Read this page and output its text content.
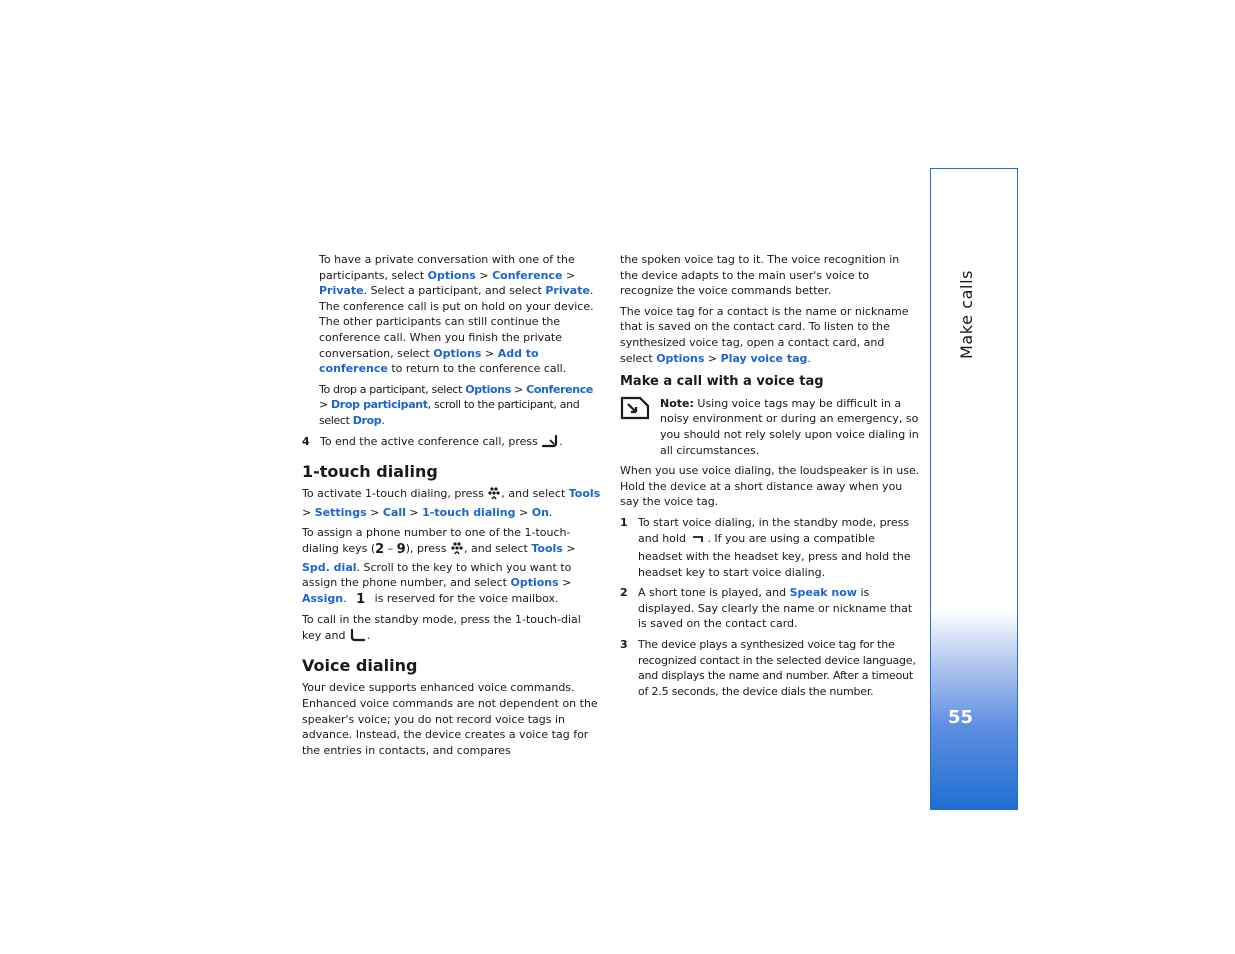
To have a private conversation with one of the participants, select Options > Conference > Private. Select a participant, and select Private. The conference call is put on hold on your device. The other participants can still continue the conference call. When you finish the private conversation, select Options > Add to conference to return to the conference call.

To drop a participant, select Options > Conference > Drop participant, scroll to the participant, and select Drop.

4 To end the active conference call, press .

1-touch dialing

To activate 1-touch dialing, press , and select Tools > Settings > Call > 1-touch dialing > On.

To assign a phone number to one of the 1-touch-dialing keys (2 – 9), press , and select Tools > Spd. dial. Scroll to the key to which you want to assign the phone number, and select Options > Assign. 1 is reserved for the voice mailbox.

To call in the standby mode, press the 1-touch-dial key and .

Voice dialing

Your device supports enhanced voice commands. Enhanced voice commands are not dependent on the speaker's voice; you do not record voice tags in advance. Instead, the device creates a voice tag for the entries in contacts, and compares

the spoken voice tag to it. The voice recognition in the device adapts to the main user's voice to recognize the voice commands better.

The voice tag for a contact is the name or nickname that is saved on the contact card. To listen to the synthesized voice tag, open a contact card, and select Options > Play voice tag.

Make a call with a voice tag

Note: Using voice tags may be difficult in a noisy environment or during an emergency, so you should not rely solely upon voice dialing in all circumstances.

When you use voice dialing, the loudspeaker is in use. Hold the device at a short distance away when you say the voice tag.

1 To start voice dialing, in the standby mode, press and hold . If you are using a compatible headset with the headset key, press and hold the headset key to start voice dialing.

2 A short tone is played, and Speak now is displayed. Say clearly the name or nickname that is saved on the contact card.

3 The device plays a synthesized voice tag for the recognized contact in the selected device language, and displays the name and number. After a timeout of 2.5 seconds, the device dials the number.

Make calls
55
